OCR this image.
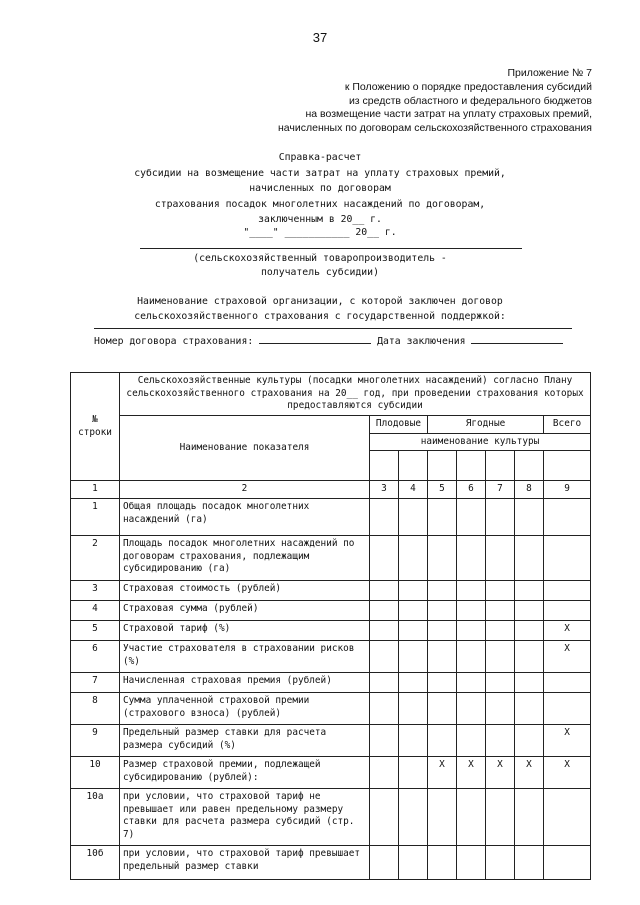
37
Приложение № 7
к Положению о порядке предоставления субсидий
из средств областного и федерального бюджетов
на возмещение части затрат на уплату страховых премий,
начисленных по договорам сельскохозяйственного страхования
Справка-расчет
субсидии на возмещение части затрат на уплату страховых премий,
начисленных по договорам
страхования посадок многолетних насаждений по договорам,
заключенным в 20__ г.
"____" ___________ 20__ г.
(сельскохозяйственный товаропроизводитель -
получатель субсидии)
Наименование страховой организации, с которой заключен договор
сельскохозяйственного страхования с государственной поддержкой:
Номер договора страхования:	Дата заключения
№ строки	Сельскохозяйственные культуры (посадки многолетних насаждений) согласно Плану сельскохозяйственного страхования на 20__ год, при проведении страхования которых предоставляются субсидии							
	Наименование показателя	Плодовые		Ягодные				Всего
		наименование культуры						

1	2	3	4	5	6	7	8	9
1	Общая площадь посадок многолетних насаждений (га)							
2	Площадь посадок многолетних насаждений по договорам страхования, подлежащим субсидированию (га)							
3	Страховая стоимость (рублей)							
4	Страховая сумма (рублей)							
5	Страховой тариф (%)							X
6	Участие страхователя в страховании рисков (%)							X
7	Начисленная страховая премия (рублей)							
8	Сумма уплаченной страховой премии (страхового взноса) (рублей)							
9	Предельный размер ставки для расчета размера субсидий (%)							X
10	Размер страховой премии, подлежащей субсидированию (рублей):			X	X	X	X	X
10а	при условии, что страховой тариф не превышает или равен предельному размеру ставки для расчета размера субсидий (стр. 7)							
10б	при условии, что страховой тариф превышает предельный размер ставки							
